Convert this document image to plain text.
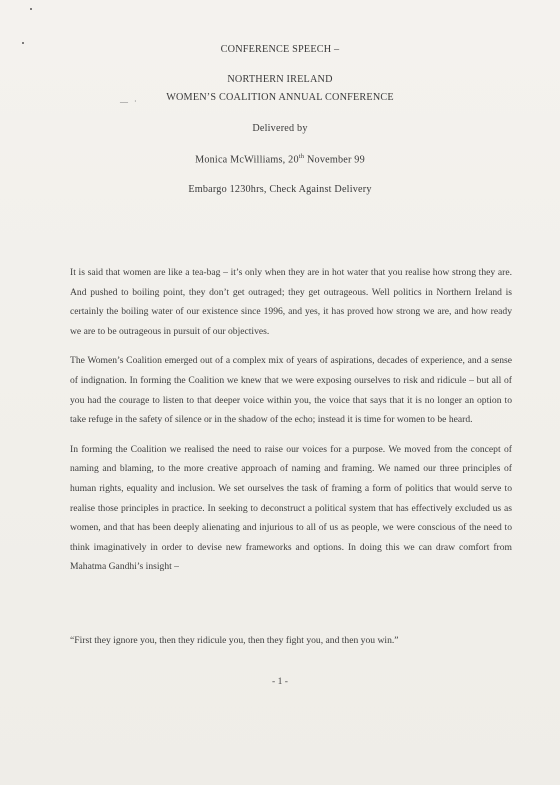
— ·
CONFERENCE SPEECH –
NORTHERN IRELAND
WOMEN’S COALITION ANNUAL CONFERENCE
Delivered by
Monica McWilliams, 20th November 99
Embargo 1230hrs, Check Against Delivery

It is said that women are like a tea-bag – it’s only when they are in hot water that you realise how strong they are. And pushed to boiling point, they don’t get outraged; they get outrageous. Well politics in Northern Ireland is certainly the boiling water of our existence since 1996, and yes, it has proved how strong we are, and how ready we are to be outrageous in pursuit of our objectives.

The Women’s Coalition emerged out of a complex mix of years of aspirations, decades of experience, and a sense of indignation. In forming the Coalition we knew that we were exposing ourselves to risk and ridicule – but all of you had the courage to listen to that deeper voice within you, the voice that says that it is no longer an option to take refuge in the safety of silence or in the shadow of the echo; instead it is time for women to be heard.

In forming the Coalition we realised the need to raise our voices for a purpose. We moved from the concept of naming and blaming, to the more creative approach of naming and framing. We named our three principles of human rights, equality and inclusion. We set ourselves the task of framing a form of politics that would serve to realise those principles in practice. In seeking to deconstruct a political system that has effectively excluded us as women, and that has been deeply alienating and injurious to all of us as people, we were conscious of the need to think imaginatively in order to devise new frameworks and options. In doing this we can draw comfort from Mahatma Gandhi’s insight –

“First they ignore you, then they ridicule you, then they fight you, and then you win.”
- 1 -
